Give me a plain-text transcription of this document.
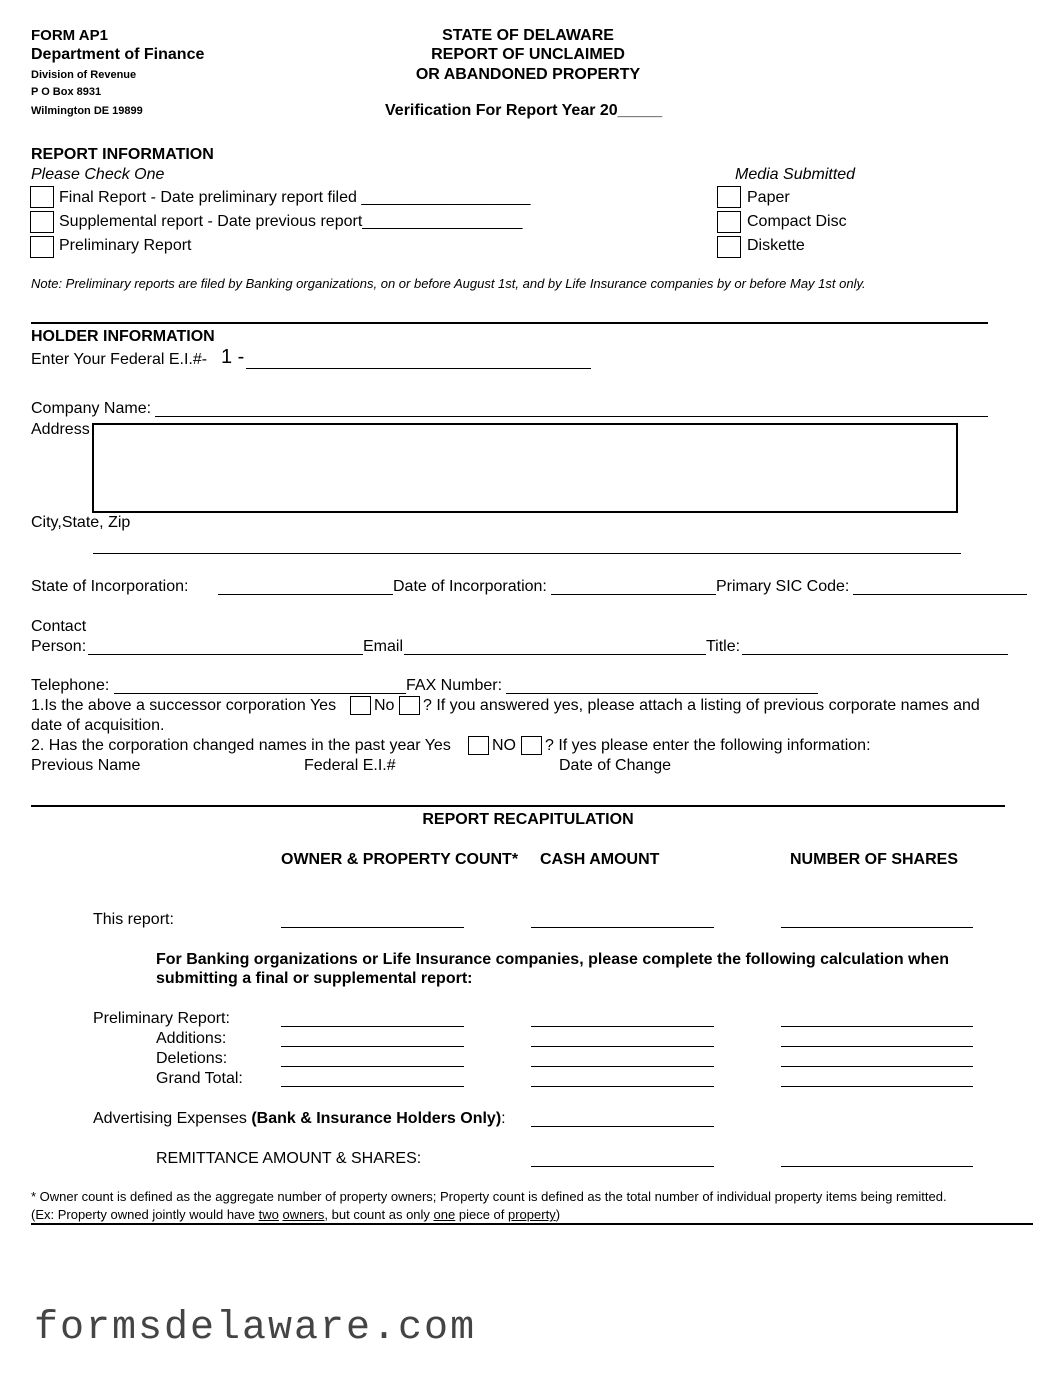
FORM AP1
Department of Finance
Division of Revenue
P O Box 8931
Wilmington DE 19899
STATE OF DELAWARE
REPORT OF UNCLAIMED
OR ABANDONED PROPERTY
Verification For Report Year 20_____
REPORT INFORMATION
Please Check One
Final Report - Date preliminary report filed ___________________
Supplemental report - Date previous report__________________
Preliminary Report
Media Submitted
Paper
Compact Disc
Diskette
Note: Preliminary reports are filed by Banking organizations, on or before August 1st, and by Life Insurance companies by or before May 1st only.
HOLDER INFORMATION
Enter Your Federal E.I.#- 1 -
Company Name:
Address
City,State, Zip
State of Incorporation:	Date of Incorporation:	Primary SIC Code:
Contact
Person:	Email	Title:
Telephone:	FAX Number:
1.Is the above a successor corporation Yes No ? If you answered yes, please attach a listing of previous corporate names and
date of acquisition.
2. Has the corporation changed names in the past year Yes	NO ? If yes please enter the following information:
Previous Name	Federal E.I.#	Date of Change
REPORT RECAPITULATION
OWNER & PROPERTY COUNT* CASH AMOUNT	NUMBER OF SHARES
This report:
For Banking organizations or Life Insurance companies, please complete the following calculation when
submitting a final or supplemental report:
Preliminary Report:
Additions:
Deletions:
Grand Total:
Advertising Expenses (Bank & Insurance Holders Only):
REMITTANCE AMOUNT & SHARES:
* Owner count is defined as the aggregate number of property owners; Property count is defined as the total number of individual property items being remitted.
(Ex: Property owned jointly would have two owners, but count as only one piece of property)
formsdelaware.com
